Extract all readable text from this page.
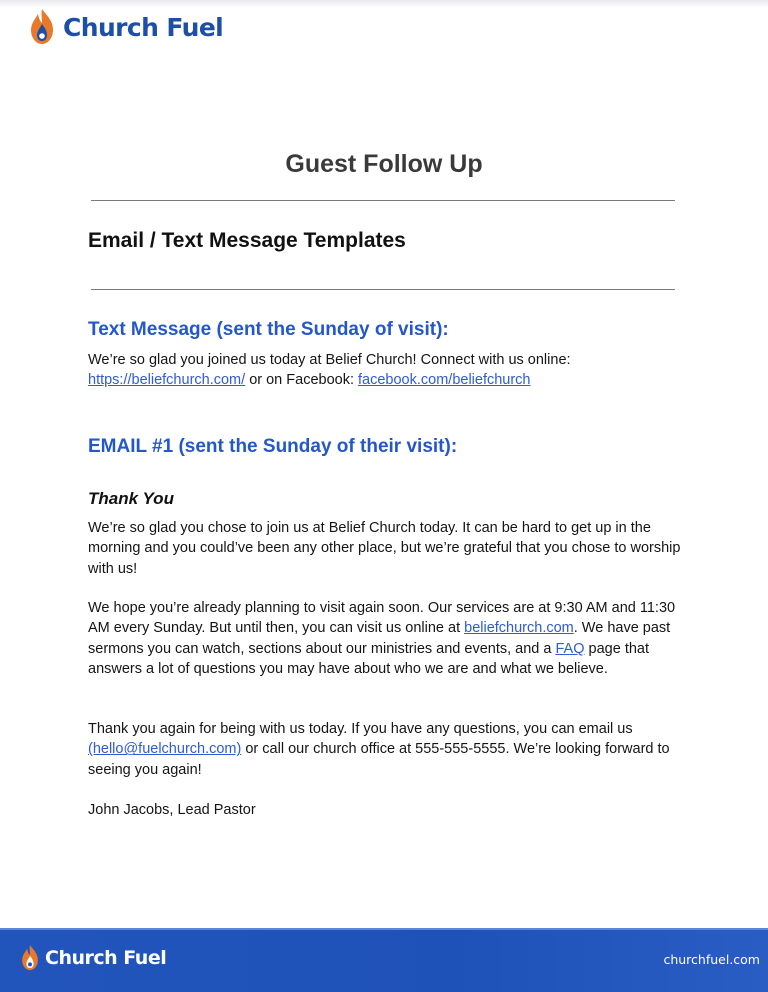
Church Fuel
Guest Follow Up
Email / Text Message Templates
Text Message (sent the Sunday of visit):

We’re so glad you joined us today at Belief Church! Connect with us online:
https://beliefchurch.com/ or on Facebook: facebook.com/beliefchurch

EMAIL #1 (sent the Sunday of their visit):
Thank You

We’re so glad you chose to join us at Belief Church today. It can be hard to get up in the morning and you could’ve been any other place, but we’re grateful that you chose to worship with us!

We hope you’re already planning to visit again soon. Our services are at 9:30 AM and 11:30 AM every Sunday. But until then, you can visit us online at beliefchurch.com. We have past sermons you can watch, sections about our ministries and events, and a FAQ page that answers a lot of questions you may have about who we are and what we believe.

Thank you again for being with us today. If you have any questions, you can email us (hello@fuelchurch.com) or call our church office at 555-555-5555. We’re looking forward to seeing you again!

John Jacobs, Lead Pastor

Church Fuel	churchfuel.com
